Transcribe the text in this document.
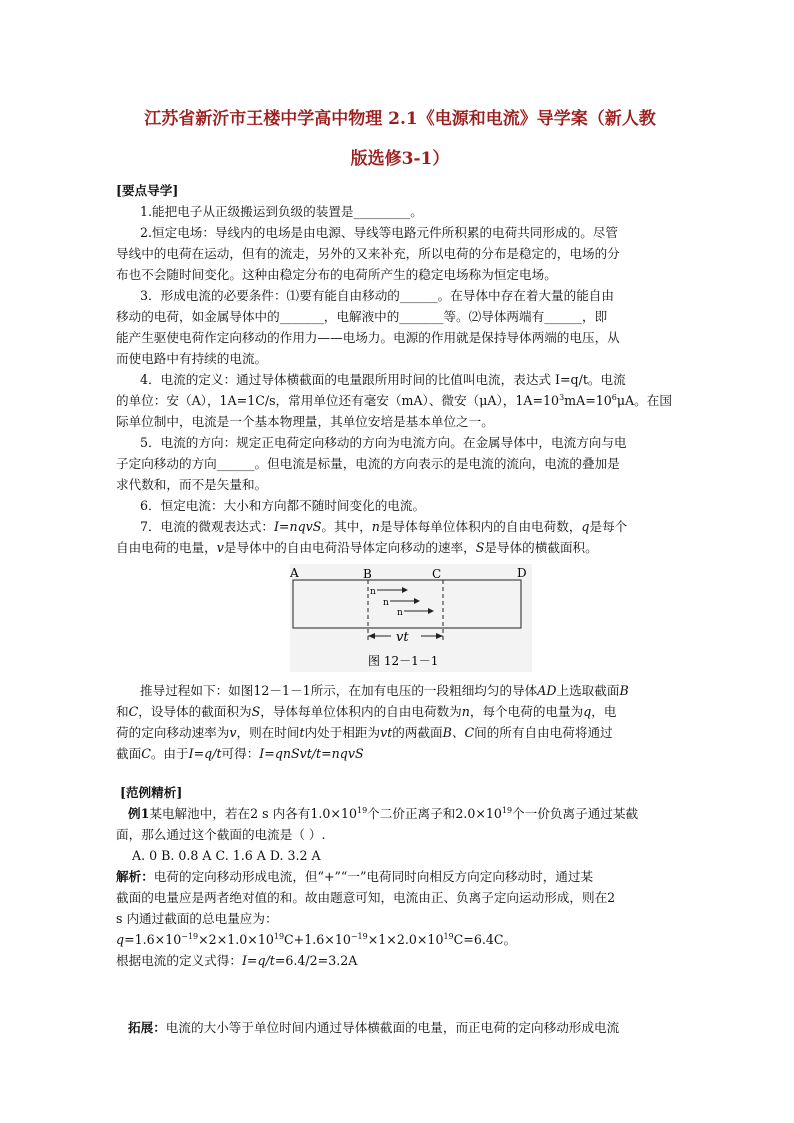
江苏省新沂市王楼中学高中物理 2.1《电源和电流》导学案（新人教
版选修3-1）
[要点导学]
1.能把电子从正级搬运到负级的装置是_________。
2.恒定电场：导线内的电场是由电源、导线等电路元件所积累的电荷共同形成的。尽管
导线中的电荷在运动，但有的流走，另外的又来补充，所以电荷的分布是稳定的，电场的分
布也不会随时间变化。这种由稳定分布的电荷所产生的稳定电场称为恒定电场。
3．形成电流的必要条件：⑴要有能自由移动的______。在导体中存在着大量的能自由
移动的电荷，如金属导体中的_______，电解液中的_______等。⑵导体两端有______，即
能产生驱使电荷作定向移动的作用力——电场力。电源的作用就是保持导体两端的电压，从
而使电路中有持续的电流。
4．电流的定义：通过导体横截面的电量跟所用时间的比值叫电流，表达式 I=q/t。电流
的单位：安（A），1A=1C/s，常用单位还有毫安（mA）、微安（μA），$1A=10^3mA=10^6\mu A$。在国
际单位制中，电流是一个基本物理量，其单位安培是基本单位之一。
5．电流的方向：规定正电荷定向移动的方向为电流方向。在金属导体中，电流方向与电
子定向移动的方向______。但电流是标量，电流的方向表示的是电流的流向，电流的叠加是
求代数和，而不是矢量和。
6．恒定电流：大小和方向都不随时间变化的电流。
7．电流的微观表达式：I=nqvS。其中，n是导体每单位体积内的自由电荷数，q是每个
自由电荷的电量，v是导体中的自由电荷沿导体定向移动的速率，S是导体的横截面积。
A	B	C	D
n
n
n
vt
图 12－1－1
推导过程如下：如图12－1－1所示，在加有电压的一段粗细均匀的导体AD上选取截面B
和C，设导体的截面积为S，导体每单位体积内的自由电荷数为n，每个电荷的电量为q，电
荷的定向移动速率为v，则在时间t内处于相距为vt的两截面B、C间的所有自由电荷将通过
截面C。由于I=q/t可得：I=qnSvt/t=nqvS
[范例精析]
例1某电解池中，若在2 s 内各有$1.0\times 10^{19}$个二价正离子和$2.0\times 10^{19}$个一价负离子通过某截
面，那么通过这个截面的电流是（ ）.
A. 0 B. 0.8 A C. 1.6 A D. 3.2 A
解析：电荷的定向移动形成电流，但“+”“一”电荷同时向相反方向定向移动时，通过某
截面的电量应是两者绝对值的和。故由题意可知，电流由正、负离子定向运动形成，则在2
s 内通过截面的总电量应为：
$q=1.6\times 10^{-19}\times 2\times 1.0\times 10^{19}C+1.6\times 10^{-19}\times 1\times 2.0\times 10^{19}C=6.4C$。
根据电流的定义式得：I=q/t=6.4/2=3.2A
拓展：电流的大小等于单位时间内通过导体横截面的电量，而正电荷的定向移动形成电流
